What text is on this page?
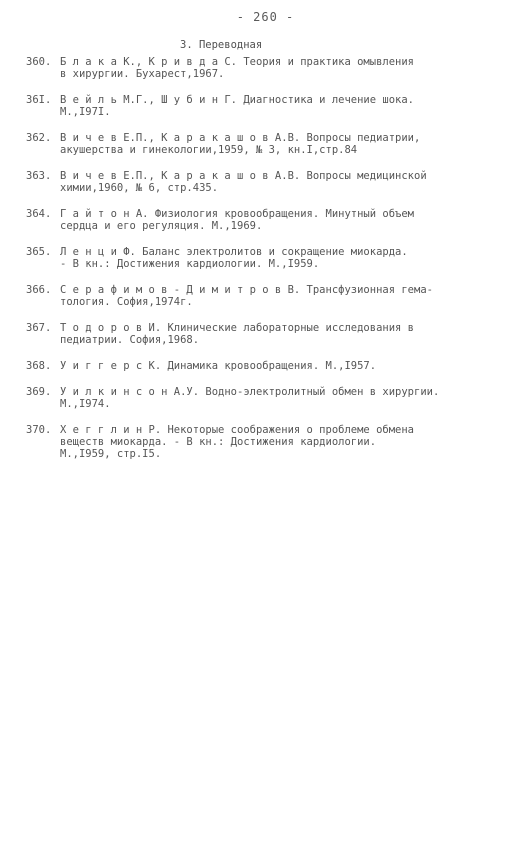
- 260 -
3. Переводная
360. Б л а к а К., К р и в д а С. Теория и практика омывления
в хирургии. Бухарест,1967.
36I. В е й л ь М.Г., Ш у б и н Г. Диагностика и лечение шока.
М.,I97I.
362. В и ч е в Е.П., К а р а к а ш о в А.В. Вопросы педиатрии,
акушерства и гинекологии,1959, № 3, кн.I,стр.84
363. В и ч е в Е.П., К а р а к а ш о в А.В. Вопросы медицинской
химии,1960, № 6, стр.435.
364. Г а й т о н А. Физиология кровообращения. Минутный объем
сердца и его регуляция. М.,1969.
365. Л е н ц и Ф. Баланс электролитов и сокращение миокарда.
- В кн.: Достижения кардиологии. М.,I959.
366. С е р а ф и м о в - Д и м и т р о в В. Трансфузионная гема-
тология. София,1974г.
367. Т о д о р о в И. Клинические лабораторные исследования в
педиатрии. София,1968.
368. У и г г е р с К. Динамика кровообращения. М.,I957.
369. У и л к и н с о н А.У. Водно-электролитный обмен в хирургии.
М.,I974.
370. Х е г г л и н Р. Некоторые соображения о проблеме обмена
веществ миокарда. - В кн.: Достижения кардиологии.
М.,I959, стр.I5.
